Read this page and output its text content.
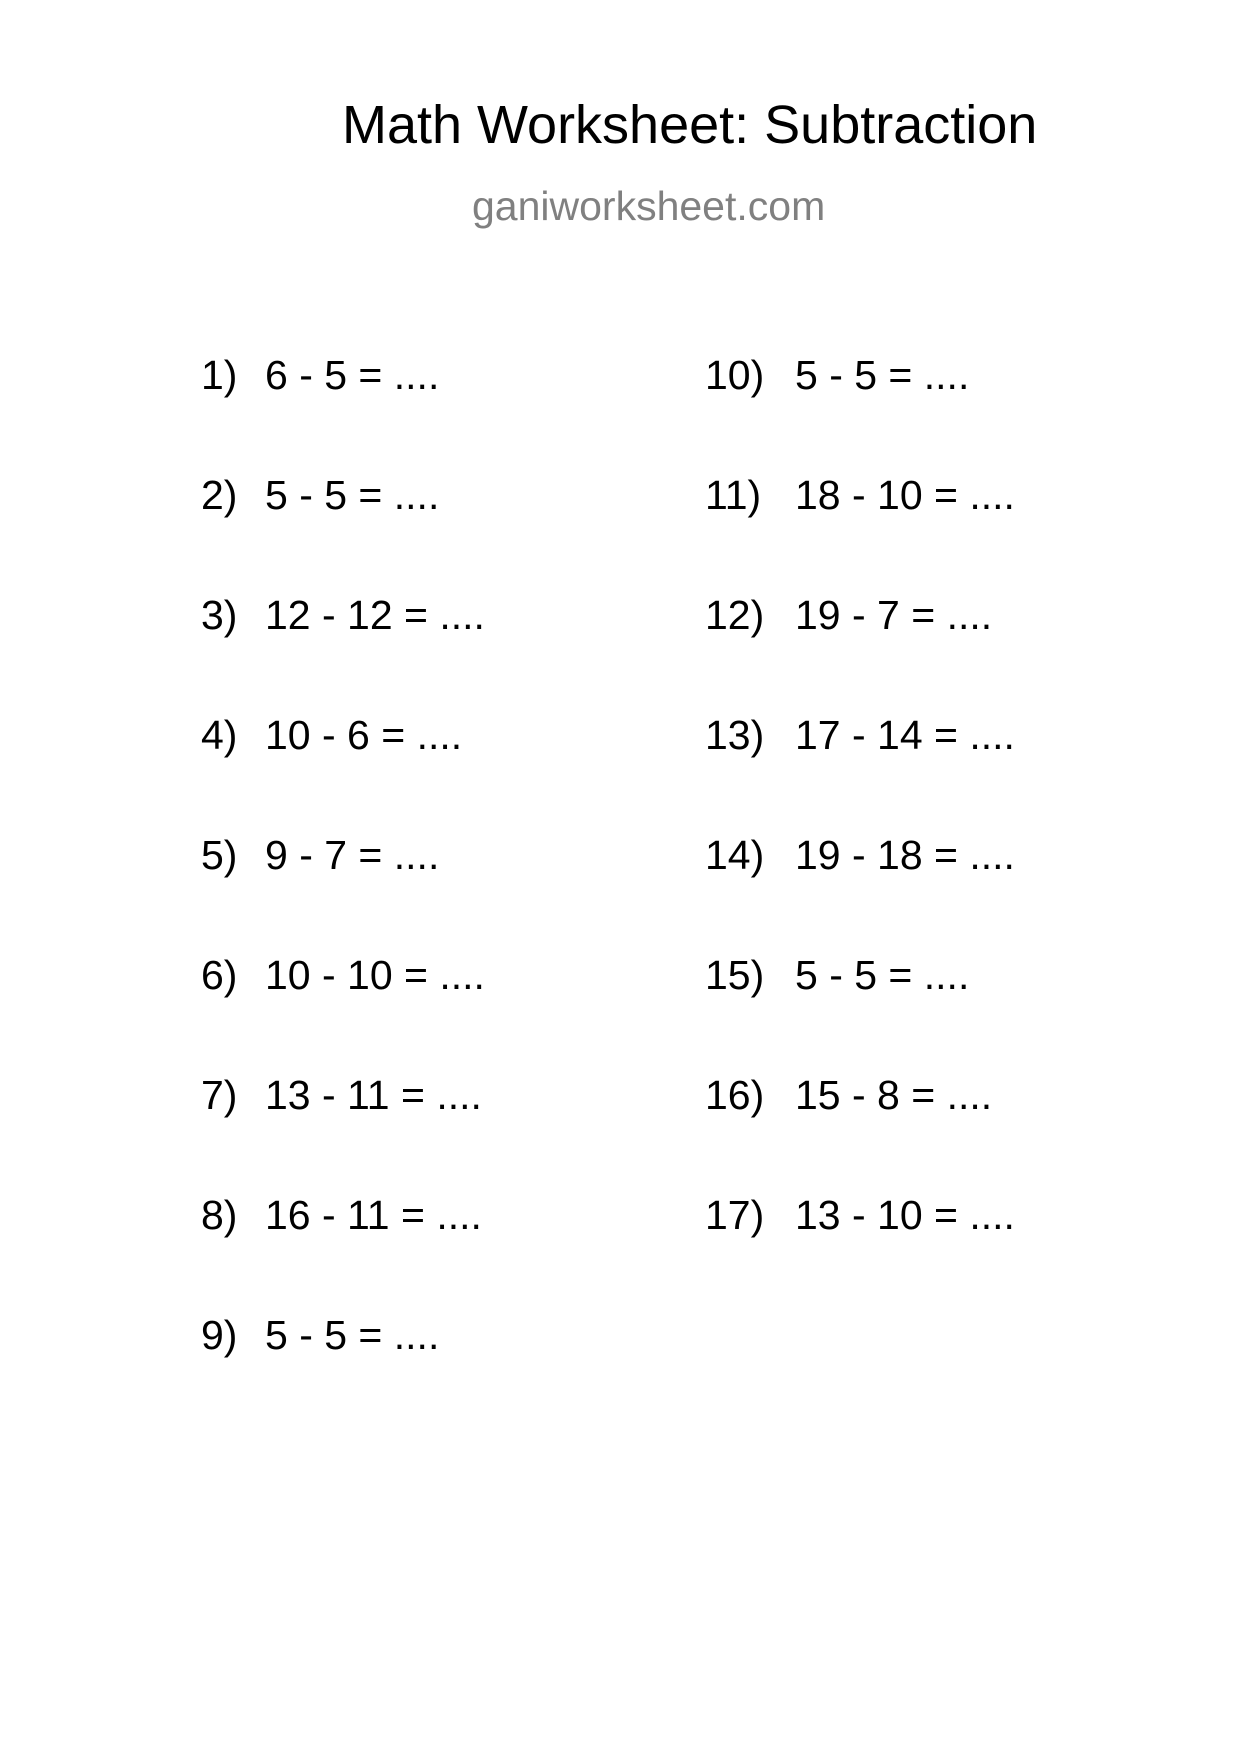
Math Worksheet: Subtraction
ganiworksheet.com
1) 6 - 5 = ....
2) 5 - 5 = ....
3) 12 - 12 = ....
4) 10 - 6 = ....
5) 9 - 7 = ....
6) 10 - 10 = ....
7) 13 - 11 = ....
8) 16 - 11 = ....
9) 5 - 5 = ....
10) 5 - 5 = ....
11) 18 - 10 = ....
12) 19 - 7 = ....
13) 17 - 14 = ....
14) 19 - 18 = ....
15) 5 - 5 = ....
16) 15 - 8 = ....
17) 13 - 10 = ....
